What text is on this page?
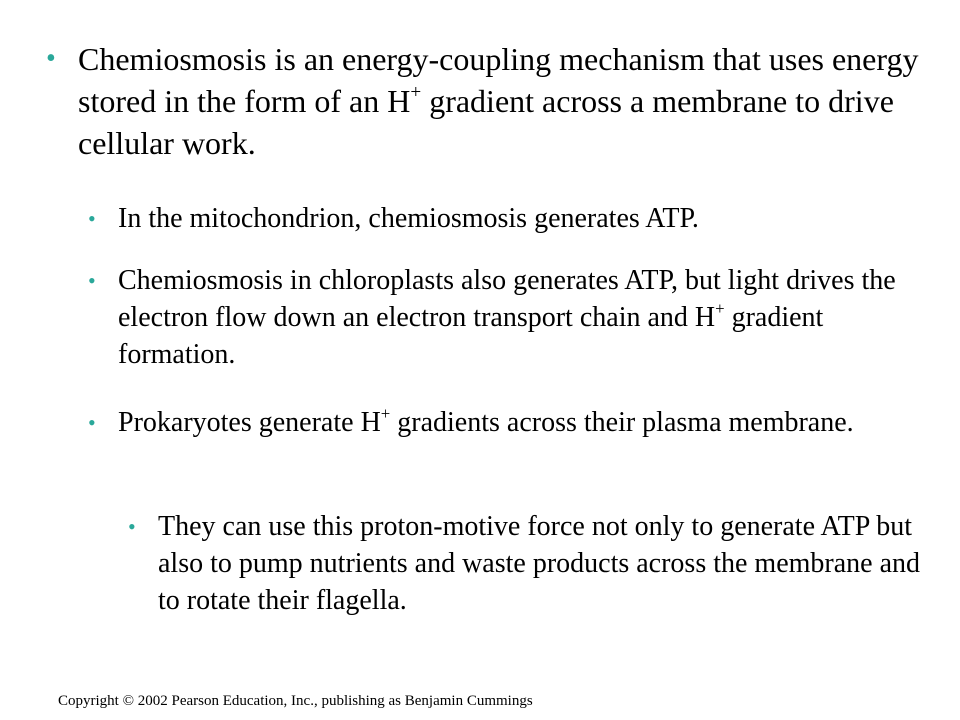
• Chemiosmosis is an energy-coupling mechanism that uses energy stored in the form of an H+ gradient across a membrane to drive cellular work.
• In the mitochondrion, chemiosmosis generates ATP.
• Chemiosmosis in chloroplasts also generates ATP, but light drives the electron flow down an electron transport chain and H+ gradient formation.
• Prokaryotes generate H+ gradients across their plasma membrane.
• They can use this proton-motive force not only to generate ATP but also to pump nutrients and waste products across the membrane and to rotate their flagella.
Copyright © 2002 Pearson Education, Inc., publishing as Benjamin Cummings
